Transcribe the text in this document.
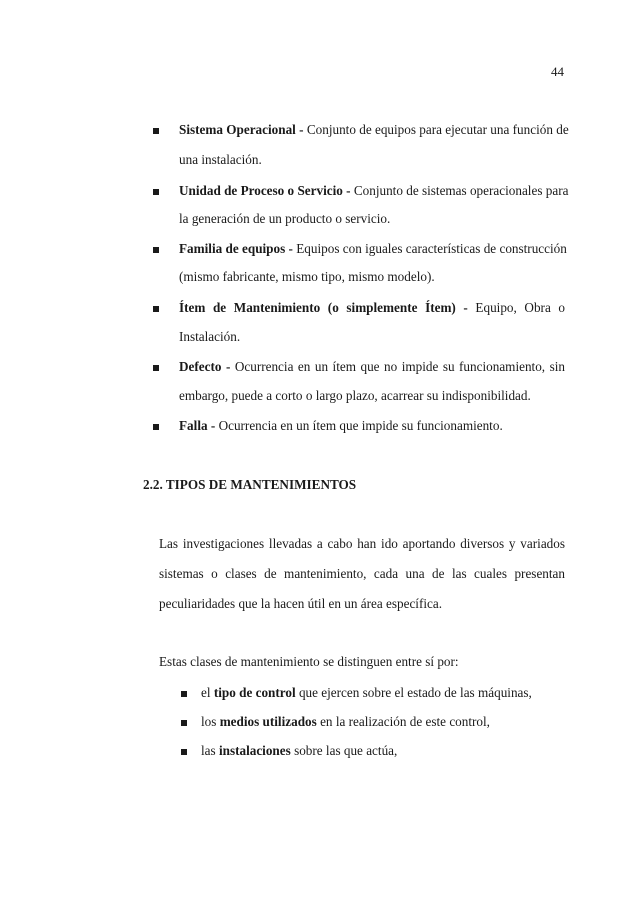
44
Sistema Operacional - Conjunto de equipos para ejecutar una función de
una instalación.
Unidad de Proceso o Servicio - Conjunto de sistemas operacionales para
la generación de un producto o servicio.
Familia de equipos - Equipos con iguales características de construcción
(mismo fabricante, mismo tipo, mismo modelo).
Ítem de Mantenimiento (o simplemente Ítem) - Equipo, Obra o
Instalación.
Defecto - Ocurrencia en un ítem que no impide su funcionamiento, sin
embargo, puede a corto o largo plazo, acarrear su indisponibilidad.
Falla - Ocurrencia en un ítem que impide su funcionamiento.
2.2. TIPOS DE MANTENIMIENTOS
Las investigaciones llevadas a cabo han ido aportando diversos y variados
sistemas o clases de mantenimiento, cada una de las cuales presentan
peculiaridades que la hacen útil en un área específica.
Estas clases de mantenimiento se distinguen entre sí por:
el tipo de control que ejercen sobre el estado de las máquinas,
los medios utilizados en la realización de este control,
las instalaciones sobre las que actúa,
